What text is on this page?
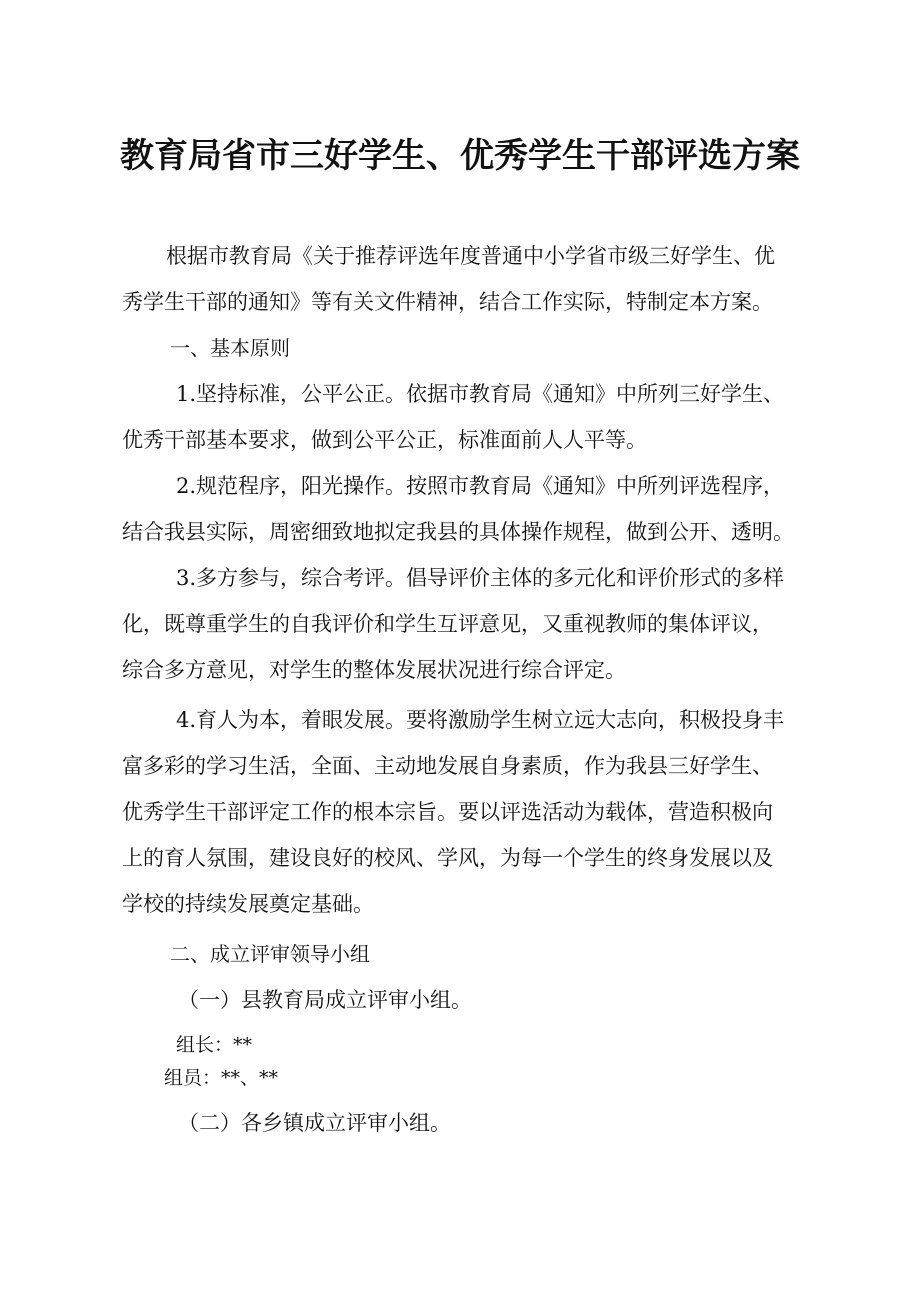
教育局省市三好学生、优秀学生干部评选方案
根据市教育局《关于推荐评选年度普通中小学省市级三好学生、优
秀学生干部的通知》等有关文件精神，结合工作实际，特制定本方案。
一、基本原则
1.坚持标准，公平公正。依据市教育局《通知》中所列三好学生、
优秀干部基本要求，做到公平公正，标准面前人人平等。
2.规范程序，阳光操作。按照市教育局《通知》中所列评选程序，
结合我县实际，周密细致地拟定我县的具体操作规程，做到公开、透明。
3.多方参与，综合考评。倡导评价主体的多元化和评价形式的多样
化，既尊重学生的自我评价和学生互评意见，又重视教师的集体评议，
综合多方意见，对学生的整体发展状况进行综合评定。
4.育人为本，着眼发展。要将激励学生树立远大志向，积极投身丰
富多彩的学习生活，全面、主动地发展自身素质，作为我县三好学生、
优秀学生干部评定工作的根本宗旨。要以评选活动为载体，营造积极向
上的育人氛围，建设良好的校风、学风，为每一个学生的终身发展以及
学校的持续发展奠定基础。
二、成立评审领导小组
（一）县教育局成立评审小组。
组长：**
组员：**、**
（二）各乡镇成立评审小组。
